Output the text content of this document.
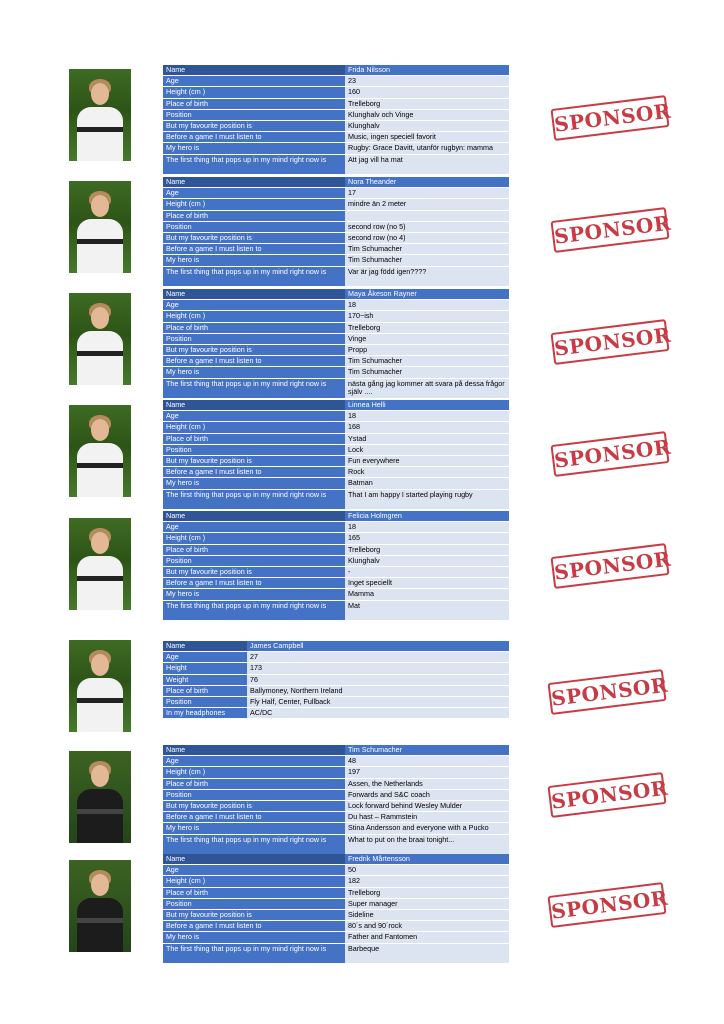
Name	Frida Nilsson
Age	23
Height (cm )	160
Place of birth	Trelleborg
Position	Klunghalv och Vinge
But my favourite position is	Klunghalv
Before a game I must listen to	Music, ingen speciell favorit
My hero is	Rugby: Grace Davitt, utanför rugbyn: mamma
The first thing that pops up in my mind right now is	Att jag vill ha mat
SPONSOR
Name	Nora Theander
Age	17
Height (cm )	mindre än 2 meter
Place of birth	
Position	second row (no 5)
But my favourite position is	second row (no 4)
Before a game I must listen to	Tim Schumacher
My hero is	Tim Schumacher
The first thing that pops up in my mind right now is	Var är jag född igen????
SPONSOR
Name	Maya Åkeson Rayner
Age	18
Height (cm )	170~ish
Place of birth	Trelleborg
Position	Vinge
But my favourite position is	Propp
Before a game I must listen to	Tim Schumacher
My hero is	Tim Schumacher
The first thing that pops up in my mind right now is	nästa gång jag kommer att svara på dessa frågor själv ....
SPONSOR
Name	Linnea Helli
Age	18
Height (cm )	168
Place of birth	Ystad
Position	Lock
But my favourite position is	Fun everywhere
Before a game I must listen to	Rock
My hero is	Batman
The first thing that pops up in my mind right now is	That I am happy I started playing rugby
SPONSOR
Name	Felicia Holmgren
Age	18
Height (cm )	165
Place of birth	Trelleborg
Position	Klunghalv
But my favourite position is	-
Before a game I must listen to	Inget speciellt
My hero is	Mamma
The first thing that pops up in my mind right now is	Mat
SPONSOR
Name	James Campbell
Age	27
Height	173
Weight	76
Place of birth	Ballymoney, Northern Ireland
Position	Fly Half, Center, Fullback
In my headphones	AC/DC
SPONSOR
Name	Tim Schumacher
Age	48
Height (cm )	197
Place of birth	Assen, the Netherlands
Position	Forwards and S&C coach
But my favourite position is	Lock forward behind Wesley Mulder
Before a game I must listen to	Du hast – Rammstein
My hero is	Stina Andersson and everyone with a Pucko
The first thing that pops up in my mind right now is	What to put on the braai tonight...
SPONSOR
Name	Fredrik Mårtensson
Age	50
Height (cm )	182
Place of birth	Trelleborg
Position	Super manager
But my favourite position is	Sideline
Before a game I must listen to	80´s and 90´rock
My hero is	Father and Fantomen
The first thing that pops up in my mind right now is	Barbeque
SPONSOR
